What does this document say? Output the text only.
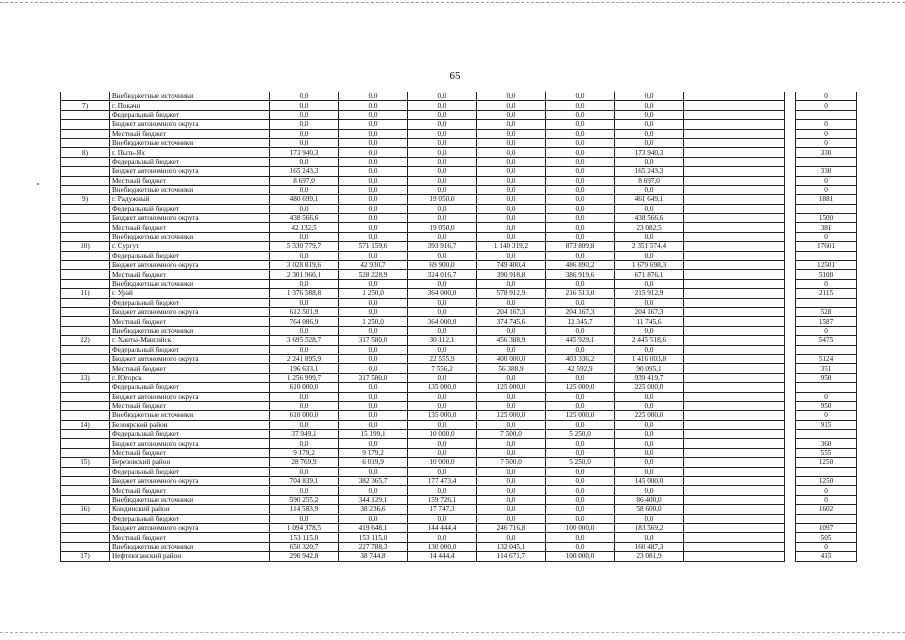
65
	Внебюджетные источники	0,0	0,0	0,0	0,0	0,0	0,0			0
7)	г. Покачи	0,0	0,0	0,0	0,0	0,0	0,0			0
	Федеральный бюджет	0,0	0,0	0,0	0,0	0,0	0,0			
	Бюджет автономного округа	0,0	0,0	0,0	0,0	0,0	0,0			0
	Местный бюджет	0,0	0,0	0,0	0,0	0,0	0,0			0
	Внебюджетные источники	0,0	0,0	0,0	0,0	0,0	0,0			0
8)	г. Пыть-Ях	173 940,3	0,0	0,0	0,0	0,0	173 940,3			330
	Федеральный бюджет	0,0	0,0	0,0	0,0	0,0	0,0			
	Бюджет автономного округа	165 243,3	0,0	0,0	0,0	0,0	165 243,3			330
	Местный бюджет	8 697,0	0,0	0,0	0,0	0,0	8 697,0			0
	Внебюджетные источники	0,0	0,0	0,0	0,0	0,0	0,0			0
9)	г. Радужный	480 699,1	0,0	19 050,0	0,0	0,0	461 649,1			1881
	Федеральный бюджет	0,0	0,0	0,0	0,0	0,0	0,0			
	Бюджет автономного округа	438 566,6	0,0	0,0	0,0	0,0	438 566,6			1500
	Местный бюджет	42 132,5	0,0	19 050,0	0,0	0,0	23 082,5			381
	Внебюджетные источники	0,0	0,0	0,0	0,0	0,0	0,0			0
10)	г. Сургут	5 330 779,7	571 159,6	393 916,7	1 140 319,2	873 809,8	2 351 574,4			17601
	Федеральный бюджет	0,0	0,0	0,0	0,0	0,0	0,0			
	Бюджет автономного округа	3 028 819,6	42 930,7	69 900,0	749 400,4	486 890,2	1 679 698,3			12501
	Местный бюджет	2 301 960,1	528 228,9	324 016,7	390 918,8	386 919,6	671 876,1			5100
	Внебюджетные источники	0,0	0,0	0,0	0,0	0,0	0,0			0
11)	г. Урай	1 376 588,8	1 250,0	364 000,0	578 912,9	216 513,0	215 912,9			2115
	Федеральный бюджет	0,0	0,0	0,0	0,0	0,0	0,0			
	Бюджет автономного округа	612 501,9	0,0	0,0	204 167,3	204 167,3	204 167,3			528
	Местный бюджет	764 086,9	1 250,0	364 000,0	374 745,6	12 345,7	11 745,6			1587
	Внебюджетные источники	0,0	0,0	0,0	0,0	0,0	0,0			0
12)	г. Ханты-Мансийск	3 695 528,7	317 580,0	30 112,1	456 388,9	445 929,1	2 445 518,6			5475
	Федеральный бюджет	0,0	0,0	0,0	0,0	0,0	0,0			
	Бюджет автономного округа	2 241 895,9	0,0	22 555,9	400 000,0	403 336,2	1 416 003,8			5124
	Местный бюджет	196 633,1	0,0	7 556,2	56 388,9	42 592,9	90 095,1			351
13)	г. Югорск	1 256 999,7	317 580,0	0,0	0,0	0,0	939 419,7			950
	Федеральный бюджет	610 000,0	0,0	135 000,0	125 000,0	125 000,0	225 000,0			
	Бюджет автономного округа	0,0	0,0	0,0	0,0	0,0	0,0			0
	Местный бюджет	0,0	0,0	0,0	0,0	0,0	0,0			950
	Внебюджетные источники	610 000,0	0,0	135 000,0	125 000,0	125 000,0	225 000,0			0
14)	Белоярский район	0,0	0,0	0,0	0,0	0,0	0,0			915
	Федеральный бюджет	37 949,1	15 199,1	10 000,0	7 500,0	5 250,0	0,0			
	Бюджет автономного округа	0,0	0,0	0,0	0,0	0,0	0,0			360
	Местный бюджет	9 179,2	9 179,2	0,0	0,0	0,0	0,0			555
15)	Березовский район	28 769,9	6 019,9	10 000,0	7 500,0	5 250,0	0,0			1250
	Федеральный бюджет	0,0	0,0	0,0	0,0	0,0	0,0			
	Бюджет автономного округа	704 839,1	382 365,7	177 473,4	0,0	0,0	145 000,0			1250
	Местный бюджет	0,0	0,0	0,0	0,0	0,0	0,0			0
	Внебюджетные источники	590 255,2	344 129,1	159 726,1	0,0	0,0	86 400,0			0
16)	Кондинский район	114 583,9	38 236,6	17 747,3	0,0	0,0	58 600,0			1602
	Федеральный бюджет	0,0	0,0	0,0	0,0	0,0	0,0			
	Бюджет автономного округа	1 094 378,5	419 648,1	144 444,4	246 716,8	100 000,0	183 569,2			1097
	Местный бюджет	153 115,0	153 115,0	0,0	0,0	0,0	0,0			505
	Внебюджетные источники	650 320,7	227 788,3	130 000,0	132 045,1	0,0	160 487,3			0
17)	Нефтеюганский район	290 942,8	38 744,8	14 444,4	114 671,7	100 000,0	23 081,9			415
